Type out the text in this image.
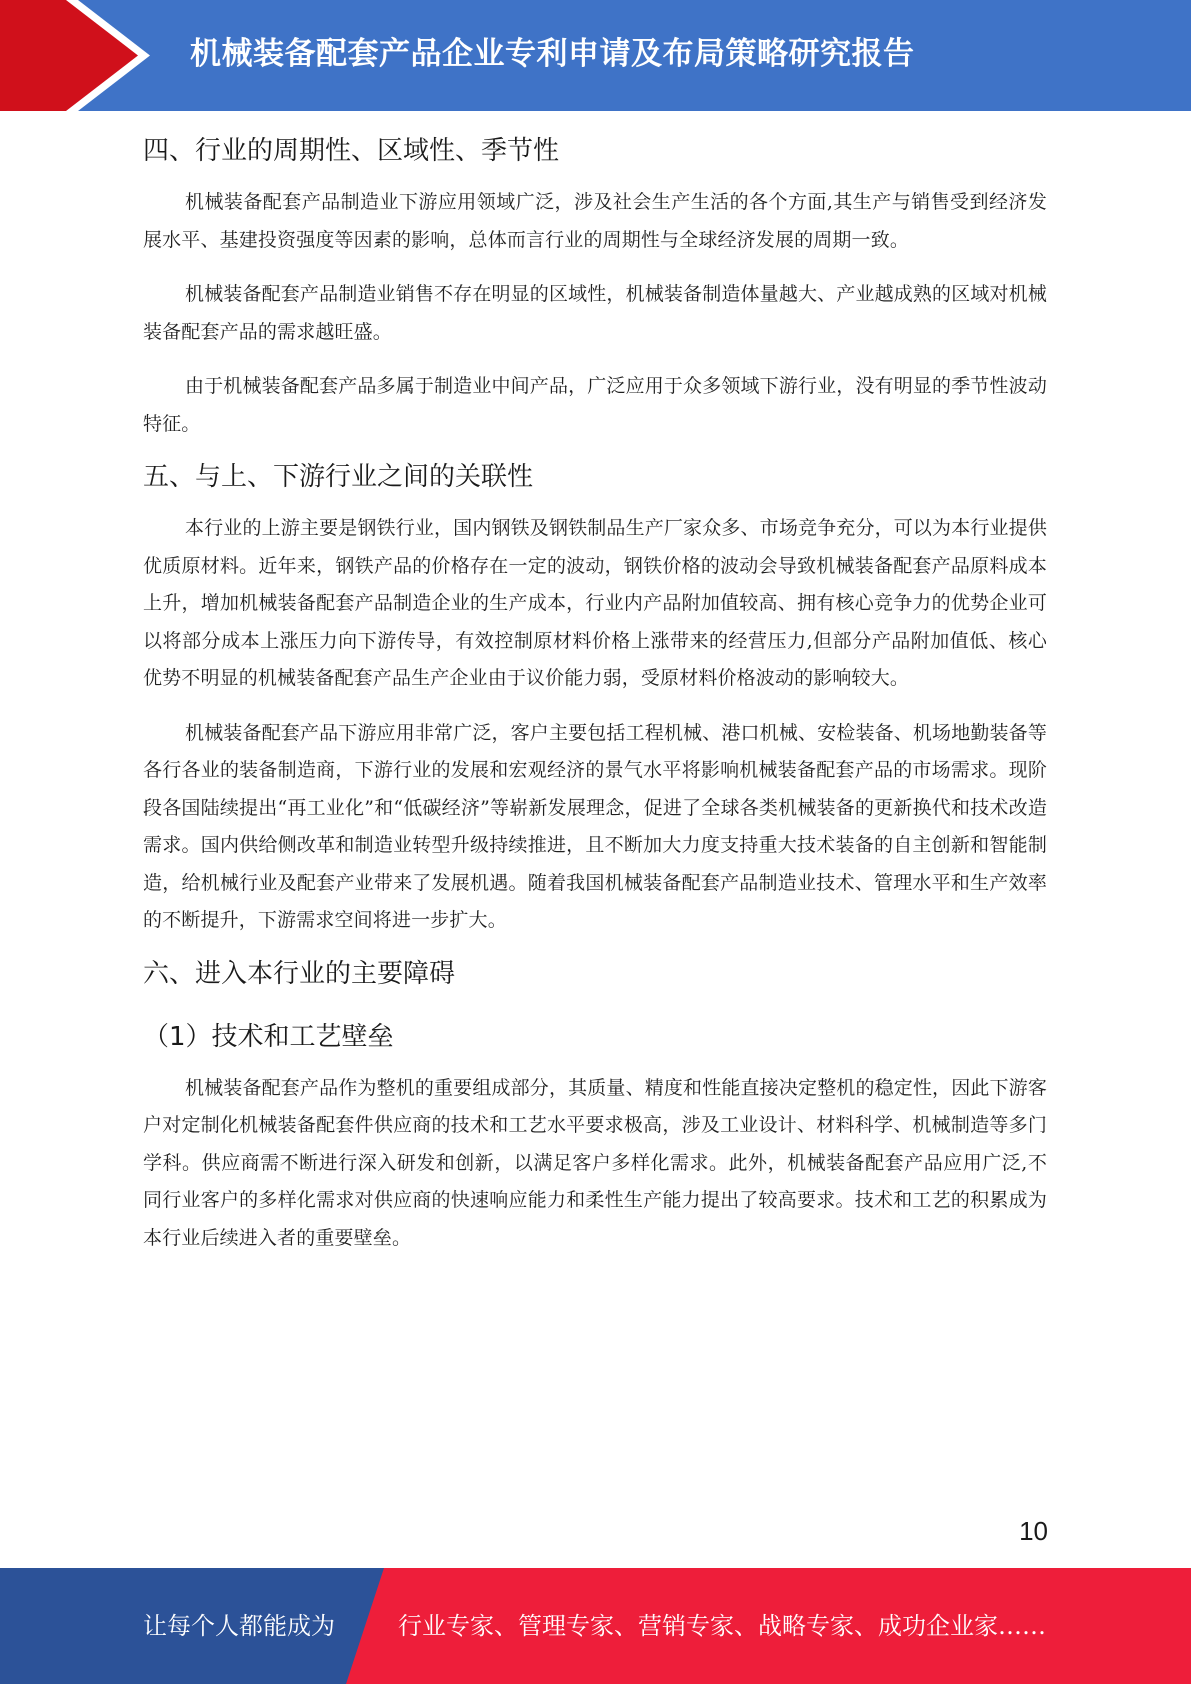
机械装备配套产品企业专利申请及布局策略研究报告
四、行业的周期性、区域性、季节性

机械装备配套产品制造业下游应用领域广泛，涉及社会生产生活的各个方面,其生产与销售受到经济发展水平、基建投资强度等因素的影响，总体而言行业的周期性与全球经济发展的周期一致。

机械装备配套产品制造业销售不存在明显的区域性，机械装备制造体量越大、产业越成熟的区域对机械装备配套产品的需求越旺盛。

由于机械装备配套产品多属于制造业中间产品，广泛应用于众多领域下游行业，没有明显的季节性波动特征。

五、与上、下游行业之间的关联性

本行业的上游主要是钢铁行业，国内钢铁及钢铁制品生产厂家众多、市场竞争充分，可以为本行业提供优质原材料。近年来，钢铁产品的价格存在一定的波动，钢铁价格的波动会导致机械装备配套产品原料成本上升，增加机械装备配套产品制造企业的生产成本，行业内产品附加值较高、拥有核心竞争力的优势企业可以将部分成本上涨压力向下游传导，有效控制原材料价格上涨带来的经营压力,但部分产品附加值低、核心优势不明显的机械装备配套产品生产企业由于议价能力弱，受原材料价格波动的影响较大。

机械装备配套产品下游应用非常广泛，客户主要包括工程机械、港口机械、安检装备、机场地勤装备等各行各业的装备制造商，下游行业的发展和宏观经济的景气水平将影响机械装备配套产品的市场需求。现阶段各国陆续提出“再工业化”和“低碳经济”等崭新发展理念，促进了全球各类机械装备的更新换代和技术改造需求。国内供给侧改革和制造业转型升级持续推进，且不断加大力度支持重大技术装备的自主创新和智能制造，给机械行业及配套产业带来了发展机遇。随着我国机械装备配套产品制造业技术、管理水平和生产效率的不断提升，下游需求空间将进一步扩大。

六、进入本行业的主要障碍
（1）技术和工艺壁垒

机械装备配套产品作为整机的重要组成部分，其质量、精度和性能直接决定整机的稳定性，因此下游客户对定制化机械装备配套件供应商的技术和工艺水平要求极高，涉及工业设计、材料科学、机械制造等多门学科。供应商需不断进行深入研发和创新，以满足客户多样化需求。此外，机械装备配套产品应用广泛,不同行业客户的多样化需求对供应商的快速响应能力和柔性生产能力提出了较高要求。技术和工艺的积累成为本行业后续进入者的重要壁垒。

10
让每个人都能成为	行业专家、管理专家、营销专家、战略专家、成功企业家……
